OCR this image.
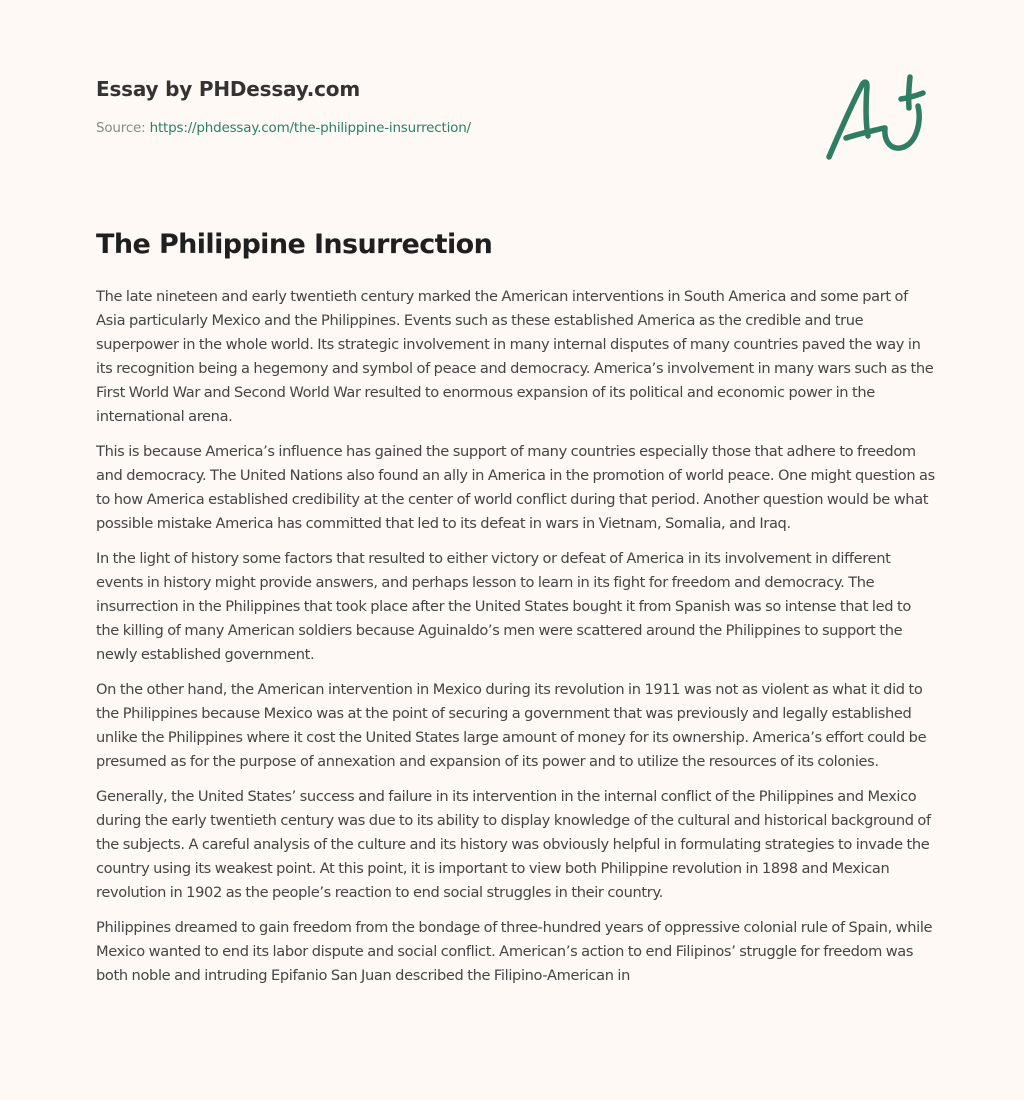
Essay by PHDessay.com
Source: https://phdessay.com/the-philippine-insurrection/
The Philippine Insurrection

The late nineteen and early twentieth century marked the American interventions in South America and some part of Asia particularly Mexico and the Philippines. Events such as these established America as the credible and true superpower in the whole world. Its strategic involvement in many internal disputes of many countries paved the way in its recognition being a hegemony and symbol of peace and democracy. America’s involvement in many wars such as the First World War and Second World War resulted to enormous expansion of its political and economic power in the international arena.

This is because America’s influence has gained the support of many countries especially those that adhere to freedom and democracy. The United Nations also found an ally in America in the promotion of world peace. One might question as to how America established credibility at the center of world conflict during that period. Another question would be what possible mistake America has committed that led to its defeat in wars in Vietnam, Somalia, and Iraq.

In the light of history some factors that resulted to either victory or defeat of America in its involvement in different events in history might provide answers, and perhaps lesson to learn in its fight for freedom and democracy. The insurrection in the Philippines that took place after the United States bought it from Spanish was so intense that led to the killing of many American soldiers because Aguinaldo’s men were scattered around the Philippines to support the newly established government.

On the other hand, the American intervention in Mexico during its revolution in 1911 was not as violent as what it did to the Philippines because Mexico was at the point of securing a government that was previously and legally established unlike the Philippines where it cost the United States large amount of money for its ownership. America’s effort could be presumed as for the purpose of annexation and expansion of its power and to utilize the resources of its colonies.

Generally, the United States’ success and failure in its intervention in the internal conflict of the Philippines and Mexico during the early twentieth century was due to its ability to display knowledge of the cultural and historical background of the subjects. A careful analysis of the culture and its history was obviously helpful in formulating strategies to invade the country using its weakest point. At this point, it is important to view both Philippine revolution in 1898 and Mexican revolution in 1902 as the people’s reaction to end social struggles in their country.

Philippines dreamed to gain freedom from the bondage of three-hundred years of oppressive colonial rule of Spain, while Mexico wanted to end its labor dispute and social conflict. American’s action to end Filipinos’ struggle for freedom was both noble and intruding Epifanio San Juan described the Filipino-American in
